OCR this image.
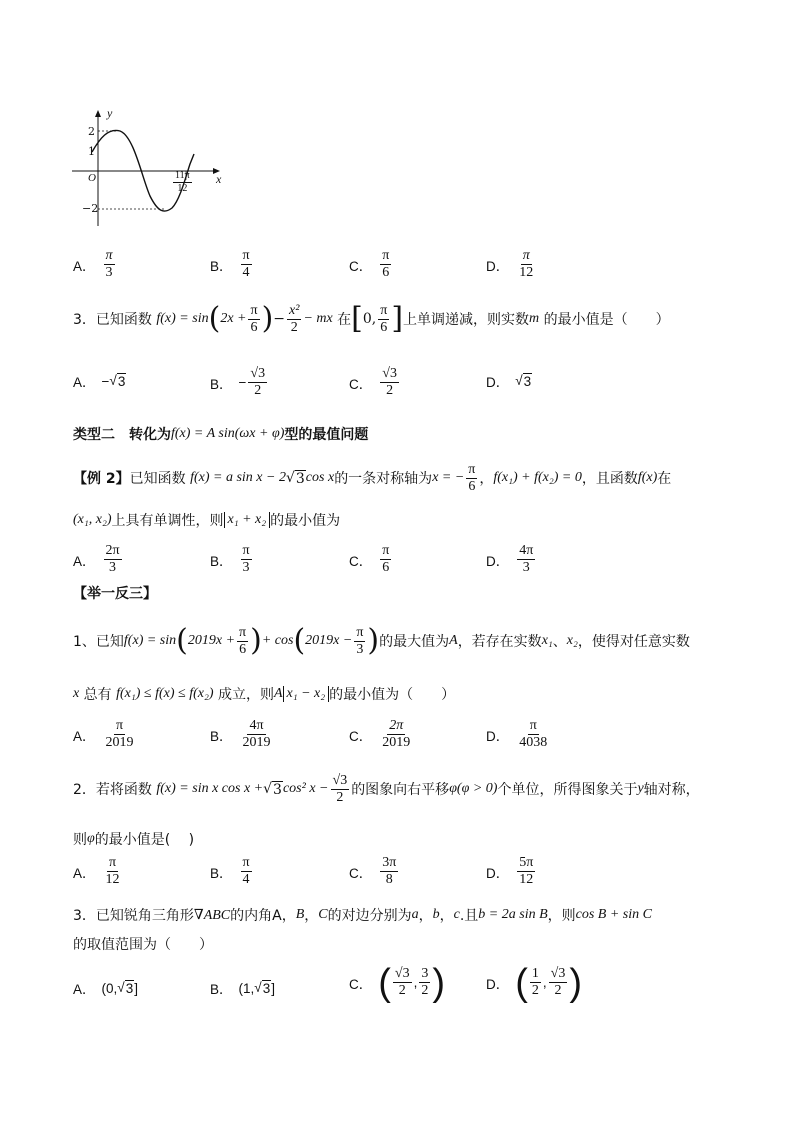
y
x
O
2
1
−2
$\frac{11\pi}{12}$
A． $\frac{\pi}{3}$	B． $\frac{\pi}{4}$	C． $\frac{\pi}{6}$	D． $\frac{\pi}{12}$
3． 已知函数
f(x) = sin ( $2x + \frac{\pi}{6}$ ) − $\frac{\text{x²}}{2}$ − mx
在 [ 0, $\frac{\pi}{6}$ ] 上单调递减，则实数 m
的最小值是（　　）
A． − √ 3	B． − $\frac{√3}{2}$	C． $\frac{√3}{2}$	D． √ 3
类型二　转化为 f(x) = A sin(ωx + φ) 型的最值问题
【例 2】 已知函数
f(x) = a sin x − 2 √ 3 cos x 的一条对称轴为 x = − $\frac{\pi}{6}$ ， f(x₁) + f(x₂) = 0 ，且函数 f(x) 在
(x₁, x₂) 上具有单调性，则 x₁ + x₂ 的最小值为
A． $\frac{2\pi}{3}$	B． $\frac{\pi}{3}$	C． $\frac{\pi}{6}$	D． $\frac{4\pi}{3}$
【举一反三】
1、 已知 f(x) = sin ( $2019x + \frac{\pi}{6}$ ) + cos ( $2019x - \frac{\pi}{3}$ ) 的最大值为 A ，若存在实数 x₁ 、 x₂ ，使得对任意实数
x
总有
f(x₁) ≤ f(x) ≤ f(x₂)
成立，则 A x₁ − x₂ 的最小值为（　　）
A． $\frac{\pi}{2019}$	B． $\frac{4\pi}{2019}$	C． $\frac{2\pi}{2019}$	D． $\frac{\pi}{4038}$
2． 若将函数
f(x) = sin x cos x + √ 3 cos² $x - \frac{√3}{2}$ 的图象向右平移 φ(φ > 0) 个单位，所得图象关于 y 轴对称，
则 φ 的最小值是(　 )
A． $\frac{\pi}{12}$	B． $\frac{\pi}{4}$	C． $\frac{3\pi}{8}$	D． $\frac{5\pi}{12}$
3． 已知锐角三角形 ∇ABC 的内角A， B ， C 的对边分别为 a ， b ， c .且 b = 2a sin B ，则 cos B + sin C
的取值范围为（　　）
A． (0, √ 3 ]	B． (1, √ 3 ]	C． ( $\frac{√3}{2}$ , $\frac{3}{2}$ )	D． ( $\frac{1}{2}$ , $\frac{√3}{2}$ )
